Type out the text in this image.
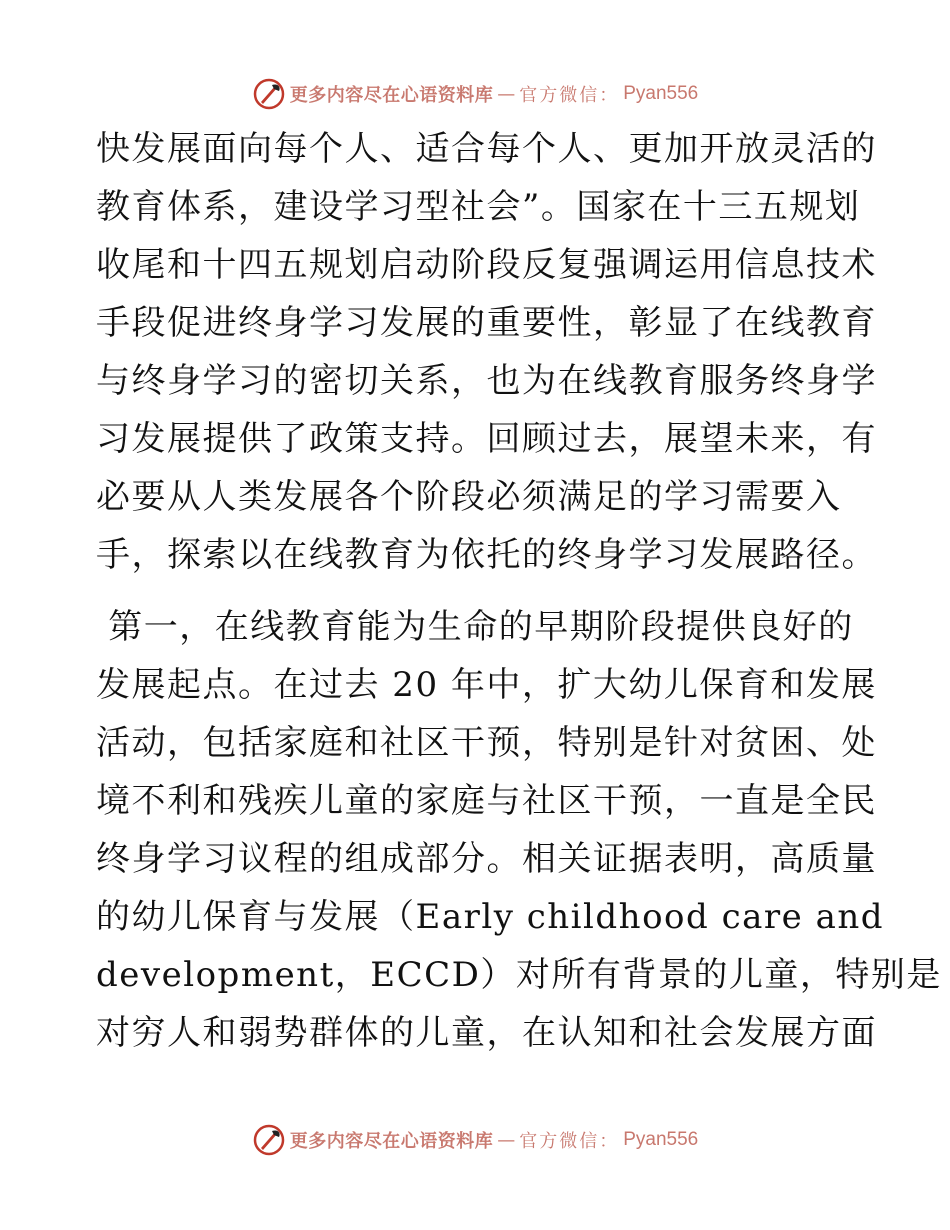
更多内容尽在心语资料库 — 官方微信： Pyan556
快发展面向每个人、适合每个人、更加开放灵活的
教育体系，建设学习型社会”。国家在十三五规划
收尾和十四五规划启动阶段反复强调运用信息技术
手段促进终身学习发展的重要性，彰显了在线教育
与终身学习的密切关系，也为在线教育服务终身学
习发展提供了政策支持。回顾过去，展望未来，有
必要从人类发展各个阶段必须满足的学习需要入
手，探索以在线教育为依托的终身学习发展路径。
第一，在线教育能为生命的早期阶段提供良好的
发展起点。在过去 20 年中，扩大幼儿保育和发展
活动，包括家庭和社区干预，特别是针对贫困、处
境不利和残疾儿童的家庭与社区干预，一直是全民
终身学习议程的组成部分。相关证据表明，高质量
的幼儿保育与发展（Early childhood care and
development，ECCD）对所有背景的儿童，特别是
对穷人和弱势群体的儿童，在认知和社会发展方面
更多内容尽在心语资料库 — 官方微信： Pyan556
